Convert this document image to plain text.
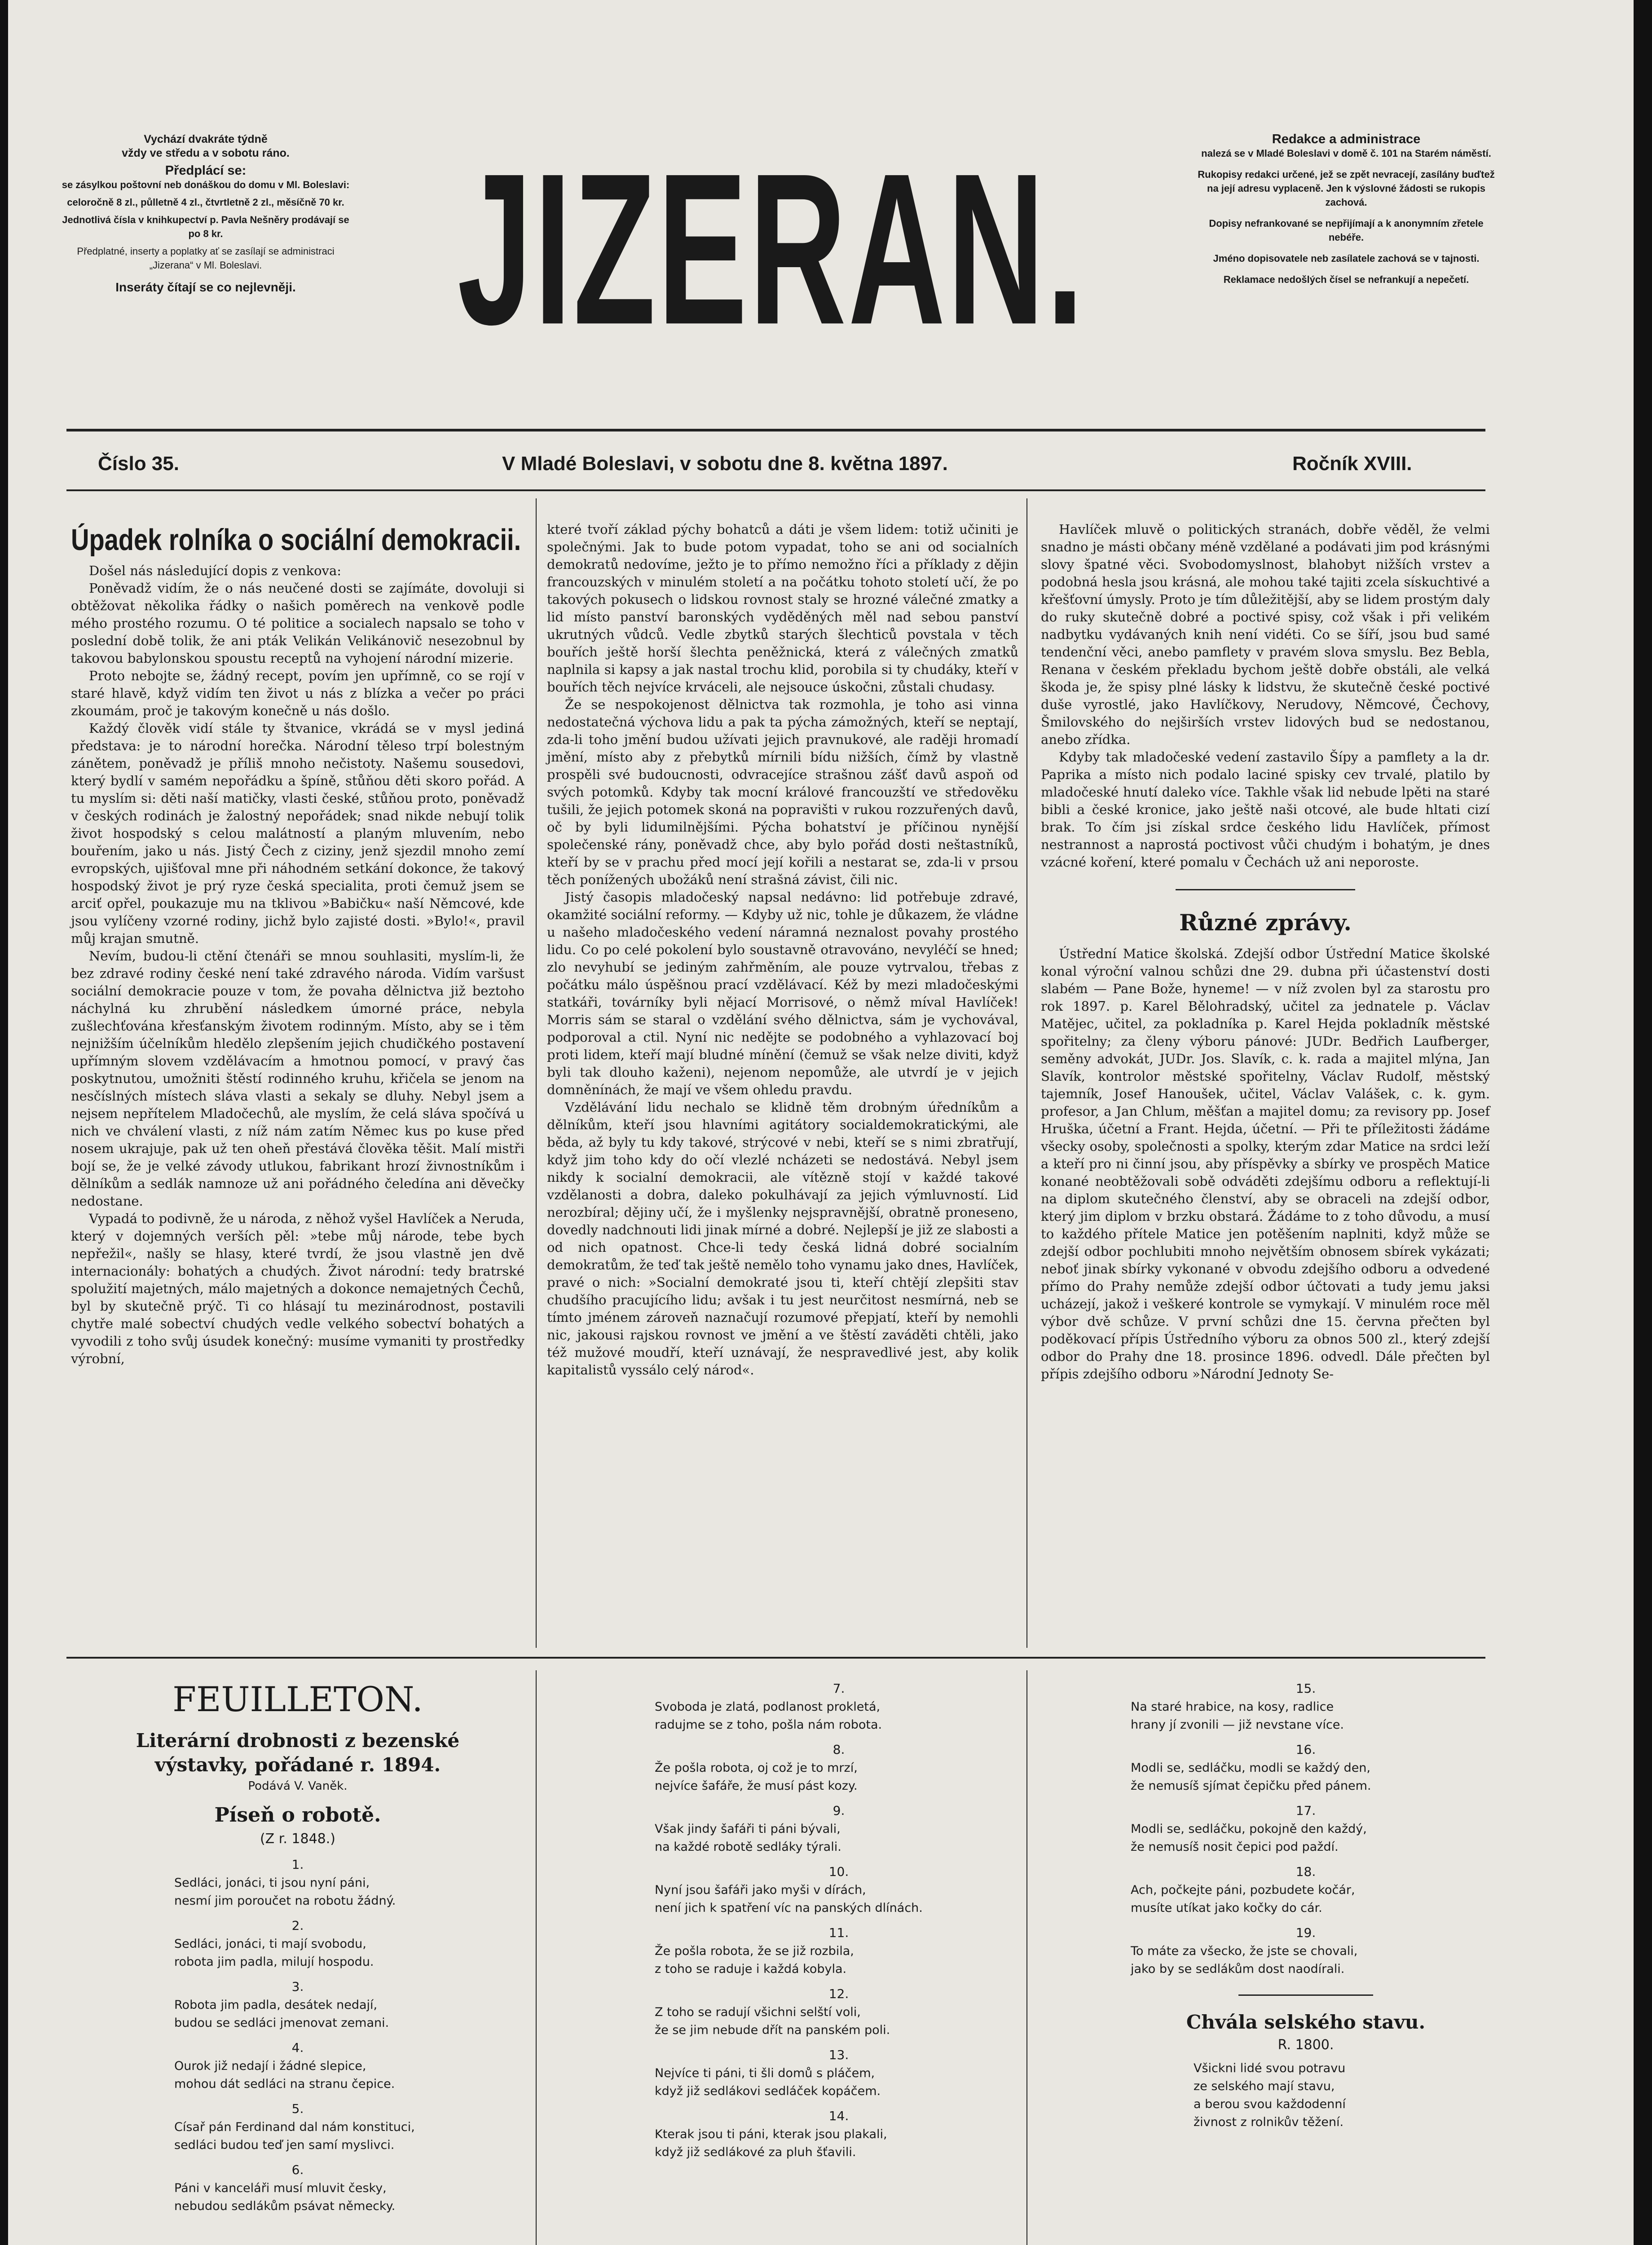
Vychází dvakráte týdně
vždy ve středu a v sobotu ráno.
Předplácí se:
se zásylkou poštovní neb donáškou do domu v Ml. Boleslavi:
celoročně 8 zl., půlletně 4 zl., čtvrtletně 2 zl., měsíčně 70 kr.
Jednotlivá čísla v knihkupectví p. Pavla Nešněry prodávají se po 8 kr.
Předplatné, inserty a poplatky ať se zasílají se administraci „Jizerana“ v Ml. Boleslavi.
Inseráty čítají se co nejlevněji.	JIZERAN.	Redakce a administrace
nalezá se v Mladé Boleslavi v domě č. 101 na Starém náměstí.
Rukopisy redakci určené, jež se zpět nevracejí, zasílány buďtež na její adresu vyplaceně. Jen k výslovné žádosti se rukopis zachová.
Dopisy nefrankované se nepřijímají a k anonymním zřetele nebéře.
Jméno dopisovatele neb zasílatele zachová se v tajnosti.
Reklamace nedošlých čísel se nefrankují a nepečetí.
Číslo 35.	V Mladé Boleslavi, v sobotu dne 8. května 1897.	Ročník XVIII.
Úpadek rolníka o sociální demokracii.

Došel nás následující dopis z venkova:

Poněvadž vidím, že o nás neučené dosti se zajímáte, dovoluji si obtěžovat několika řádky o našich poměrech na venkově podle mého prostého rozumu. O té politice a socialech napsalo se toho v poslední době tolik, že ani pták Velikán Velikánovič nesezobnul by takovou babylonskou spoustu receptů na vyhojení národní mizerie.

Proto nebojte se, žádný recept, povím jen upřímně, co se rojí v staré hlavě, když vidím ten život u nás z blízka a večer po práci zkoumám, proč je takovým konečně u nás došlo.

Každý člověk vidí stále ty štvanice, vkrádá se v mysl jediná představa: je to národní horečka. Národní těleso trpí bolestným zánětem, poněvadž je příliš mnoho nečistoty. Našemu sousedovi, který bydlí v samém nepořádku a špíně, stůňou děti skoro pořád. A tu myslím si: děti naší matičky, vlasti české, stůňou proto, poněvadž v českých rodinách je žalostný nepořádek; snad nikde nebují tolik život hospodský s celou malátností a planým mluvením, nebo bouřením, jako u nás. Jistý Čech z ciziny, jenž sjezdil mnoho zemí evropských, ujišťoval mne při náhodném setkání dokonce, že takový hospodský život je prý ryze česká specialita, proti čemuž jsem se arciť opřel, poukazuje mu na tklivou »Babičku« naší Němcové, kde jsou vylíčeny vzorné rodiny, jichž bylo zajisté dosti. »Bylo!«, pravil můj krajan smutně.

Nevím, budou-li ctění čtenáři se mnou souhlasiti, myslím-li, že bez zdravé rodiny české není také zdravého národa. Vidím varšust sociální demokracie pouze v tom, že povaha dělnictva již beztoho náchylná ku zhrubění následkem úmorné práce, nebyla zušlechťována křesťanským životem rodinným. Místo, aby se i těm nejnižším účelníkům hledělo zlepšením jejich chudičkého postavení upřímným slovem vzdělávacím a hmotnou pomocí, v pravý čas poskytnutou, umožniti štěstí rodinného kruhu, křičela se jenom na nesčíslných místech sláva vlasti a sekaly se dluhy. Nebyl jsem a nejsem nepřítelem Mladočechů, ale myslím, že celá sláva spočívá u nich ve chválení vlasti, z níž nám zatím Němec kus po kuse před nosem ukrajuje, pak už ten oheň přestává člověka těšit. Malí mistři bojí se, že je velké závody utlukou, fabrikant hrozí živnostníkům i dělníkům a sedlák namnoze už ani pořádného čeledína ani děvečky nedostane.

Vypadá to podivně, že u národa, z něhož vyšel Havlíček a Neruda, který v dojemných verších pěl: »tebe můj národe, tebe bych nepřežil«, našly se hlasy, které tvrdí, že jsou vlastně jen dvě internacionály: bohatých a chudých. Život národní: tedy bratrské spolužití majetných, málo majetných a dokonce nemajetných Čechů, byl by skutečně prýč. Ti co hlásají tu mezinárodnost, postavili chytře malé sobectví chudých vedle velkého sobectví bohatých a vyvodili z toho svůj úsudek konečný: musíme vymaniti ty prostředky výrobní,

které tvoří základ pýchy bohatců a dáti je všem lidem: totiž učiniti je společnými. Jak to bude potom vypadat, toho se ani od socialních demokratů nedovíme, ježto je to přímo nemožno říci a příklady z dějin francouzských v minulém století a na počátku tohoto století učí, že po takových pokusech o lidskou rovnost staly se hrozné válečné zmatky a lid místo panství baronských vyděděných měl nad sebou panství ukrutných vůdců. Vedle zbytků starých šlechticů povstala v těch bouřích ještě horší šlechta peněžnická, která z válečných zmatků naplnila si kapsy a jak nastal trochu klid, porobila si ty chudáky, kteří v bouřích těch nejvíce krváceli, ale nejsouce úskočni, zůstali chudasy.

Že se nespokojenost dělnictva tak rozmohla, je toho asi vinna nedostatečná výchova lidu a pak ta pýcha zámožných, kteří se neptají, zda-li toho jmění budou užívati jejich pravnukové, ale raději hromadí jmění, místo aby z přebytků mírnili bídu nižších, čímž by vlastně prospěli své budoucnosti, odvracejíce strašnou zášť davů aspoň od svých potomků. Kdyby tak mocní králové francouzští ve středověku tušili, že jejich potomek skoná na popravišti v rukou rozzuřených davů, oč by byli lidumilnějšími. Pýcha bohatství je příčinou nynější společenské rány, poněvadž chce, aby bylo pořád dosti neštastníků, kteří by se v prachu před mocí její kořili a nestarat se, zda-li v prsou těch ponížených ubožáků není strašná závist, čili nic.

Jistý časopis mladočeský napsal nedávno: lid potřebuje zdravé, okamžité sociální reformy. — Kdyby už nic, tohle je důkazem, že vládne u našeho mladočeského vedení náramná neznalost povahy prostého lidu. Co po celé pokolení bylo soustavně otravováno, nevyléčí se hned; zlo nevyhubí se jediným zahřměním, ale pouze vytrvalou, třebas z počátku málo úspěšnou prací vzdělávací. Kéž by mezi mladočeskými statkáři, továrníky byli nějací Morrisové, o němž míval Havlíček! Morris sám se staral o vzdělání svého dělnictva, sám je vychovával, podporoval a ctil. Nyní nic nedějte se podobného a vyhlazovací boj proti lidem, kteří mají bludné mínění (čemuž se však nelze diviti, když byli tak dlouho kaženi), nejenom nepomůže, ale utvrdí je v jejich domněnínách, že mají ve všem ohledu pravdu.

Vzdělávání lidu nechalo se klidně těm drobným úředníkům a dělníkům, kteří jsou hlavními agitátory socialdemokratickými, ale běda, až byly tu kdy takové, strýcové v nebi, kteří se s nimi zbratřují, když jim toho kdy do očí vlezlé ncházeti se nedostává. Nebyl jsem nikdy k socialní demokracii, ale vítězně stojí v každé takové vzdělanosti a dobra, daleko pokulhávají za jejich výmluvností. Lid nerozbíral; dějiny učí, že i myšlenky nejspravnější, obratně proneseno, dovedly nadchnouti lidi jinak mírné a dobré. Nejlepší je již ze slabosti a od nich opatnost. Chce-li tedy česká lidná dobré socialním demokratům, že teď tak ještě nemělo toho vynamu jako dnes, Havlíček, pravé o nich: »Socialní demokraté jsou ti, kteří chtějí zlepšiti stav chudšího pracujícího lidu; avšak i tu jest neurčitost nesmírná, neb se tímto jménem zároveň naznačují rozumové přepjatí, kteří by nemohli nic, jakousi rajskou rovnost ve jmění a ve štěstí zaváděti chtěli, jako též mužové moudří, kteří uznávají, že nespravedlivé jest, aby kolik kapitalistů vyssálo celý národ«.

Havlíček mluvě o politických stranách, dobře věděl, že velmi snadno je másti občany méně vzdělané a podávati jim pod krásnými slovy špatné věci. Svobodomyslnost, blahobyt nižších vrstev a podobná hesla jsou krásná, ale mohou také tajiti zcela sískuchtivé a křešťovní úmysly. Proto je tím důležitější, aby se lidem prostým daly do ruky skutečně dobré a poctivé spisy, což však i při velikém nadbytku vydávaných knih není vidéti. Co se šíří, jsou bud samé tendenční věci, anebo pamflety v pravém slova smyslu. Bez Bebla, Renana v českém překladu bychom ještě dobře obstáli, ale velká škoda je, že spisy plné lásky k lidstvu, že skutečně české poctivé duše vyrostlé, jako Havlíčkovy, Nerudovy, Němcové, Čechovy, Šmilovského do nejširších vrstev lidových bud se nedostanou, anebo zřídka.

Kdyby tak mladočeské vedení zastavilo Šípy a pamflety a la dr. Paprika a místo nich podalo laciné spisky cev trvalé, platilo by mladočeské hnutí daleko více. Takhle však lid nebude lpěti na staré bibli a české kronice, jako ještě naši otcové, ale bude hltati cizí brak. To čím jsi získal srdce českého lidu Havlíček, přímost nestrannost a naprostá poctivost vůči chudým i bohatým, je dnes vzácné koření, které pomalu v Čechách už ani neporoste.

Různé zprávy.

Ústřední Matice školská. Zdejší odbor Ústřední Matice školské konal výroční valnou schůzi dne 29. dubna při účastenství dosti slabém — Pane Bože, hyneme! — v níž zvolen byl za starostu pro rok 1897. p. Karel Bělohradský, učitel za jednatele p. Václav Matějec, učitel, za pokladníka p. Karel Hejda pokladník městské spořitelny; za členy výboru pánové: JUDr. Bedřich Laufberger, seměny advokát, JUDr. Jos. Slavík, c. k. rada a majitel mlýna, Jan Slavík, kontrolor městské spořitelny, Václav Rudolf, městský tajemník, Josef Hanoušek, učitel, Václav Valášek, c. k. gym. profesor, a Jan Chlum, měšťan a majitel domu; za revisory pp. Josef Hruška, účetní a Frant. Hejda, účetní. — Při te příležitosti žádáme všecky osoby, společnosti a spolky, kterým zdar Matice na srdci leží a kteří pro ni činní jsou, aby příspěvky a sbírky ve prospěch Matice konané neobtěžovali sobě odváděti zdejšímu odboru a reflektují-li na diplom skutečného členství, aby se obraceli na zdejší odbor, který jim diplom v brzku obstará. Žádáme to z toho důvodu, a musí to každého přítele Matice jen potěšením naplniti, když může se zdejší odbor pochlubiti mnoho největším obnosem sbírek vykázati; neboť jinak sbírky vykonané v obvodu zdejšího odboru a odvedené přímo do Prahy nemůže zdejší odbor účtovati a tudy jemu jaksi ucházejí, jakož i veškeré kontrole se vymykají. V minulém roce měl výbor dvě schůze. V první schůzi dne 15. června přečten byl poděkovací přípis Ústředního výboru za obnos 500 zl., který zdejší odbor do Prahy dne 18. prosince 1896. odvedl. Dále přečten byl přípis zdejšího odboru »Národní Jednoty Se-

FEUILLETON.
Literární drobnosti z bezenské výstavky, pořádané r. 1894.
Podává V. Vaněk.
Píseň o robotě.
(Z r. 1848.)
1.
Sedláci, jonáci, ti jsou nyní páni,
nesmí jim poroučet na robotu žádný.
2.
Sedláci, jonáci, ti mají svobodu,
robota jim padla, milují hospodu.
3.
Robota jim padla, desátek nedají,
budou se sedláci jmenovat zemani.
4.
Ourok již nedají i žádné slepice,
mohou dát sedláci na stranu čepice.
5.
Císař pán Ferdinand dal nám konstituci,
sedláci budou teď jen samí myslivci.
6.
Páni v kanceláři musí mluvit česky,
nebudou sedlákům psávat německy.
7.
Svoboda je zlatá, podlanost prokletá,
radujme se z toho, pošla nám robota.
8.
Že pošla robota, oj což je to mrzí,
nejvíce šafáře, že musí pást kozy.
9.
Však jindy šafáři ti páni bývali,
na každé robotě sedláky týrali.
10.
Nyní jsou šafáři jako myši v dírách,
není jich k spatření víc na panských dlínách.
11.
Že pošla robota, že se již rozbila,
z toho se raduje i každá kobyla.
12.
Z toho se radují všichni selští voli,
že se jim nebude dřít na panském poli.
13.
Nejvíce ti páni, ti šli domů s pláčem,
když již sedlákovi sedláček kopáčem.
14.
Kterak jsou ti páni, kterak jsou plakali,
když již sedlákové za pluh šťavili.
15.
Na staré hrabice, na kosy, radlice
hrany jí zvonili — již nevstane více.
16.
Modli se, sedláčku, modli se každý den,
že nemusíš sjímat čepičku před pánem.
17.
Modli se, sedláčku, pokojně den každý,
že nemusíš nosit čepici pod paždí.
18.
Ach, počkejte páni, pozbudete kočár,
musíte utíkat jako kočky do cár.
19.
To máte za všecko, že jste se chovali,
jako by se sedlákům dost naodírali.
Chvála selského stavu.
R. 1800.
Všickni lidé svou potravu
ze selského mají stavu,
a berou svou každodenní
živnost z rolnikův těžení.
